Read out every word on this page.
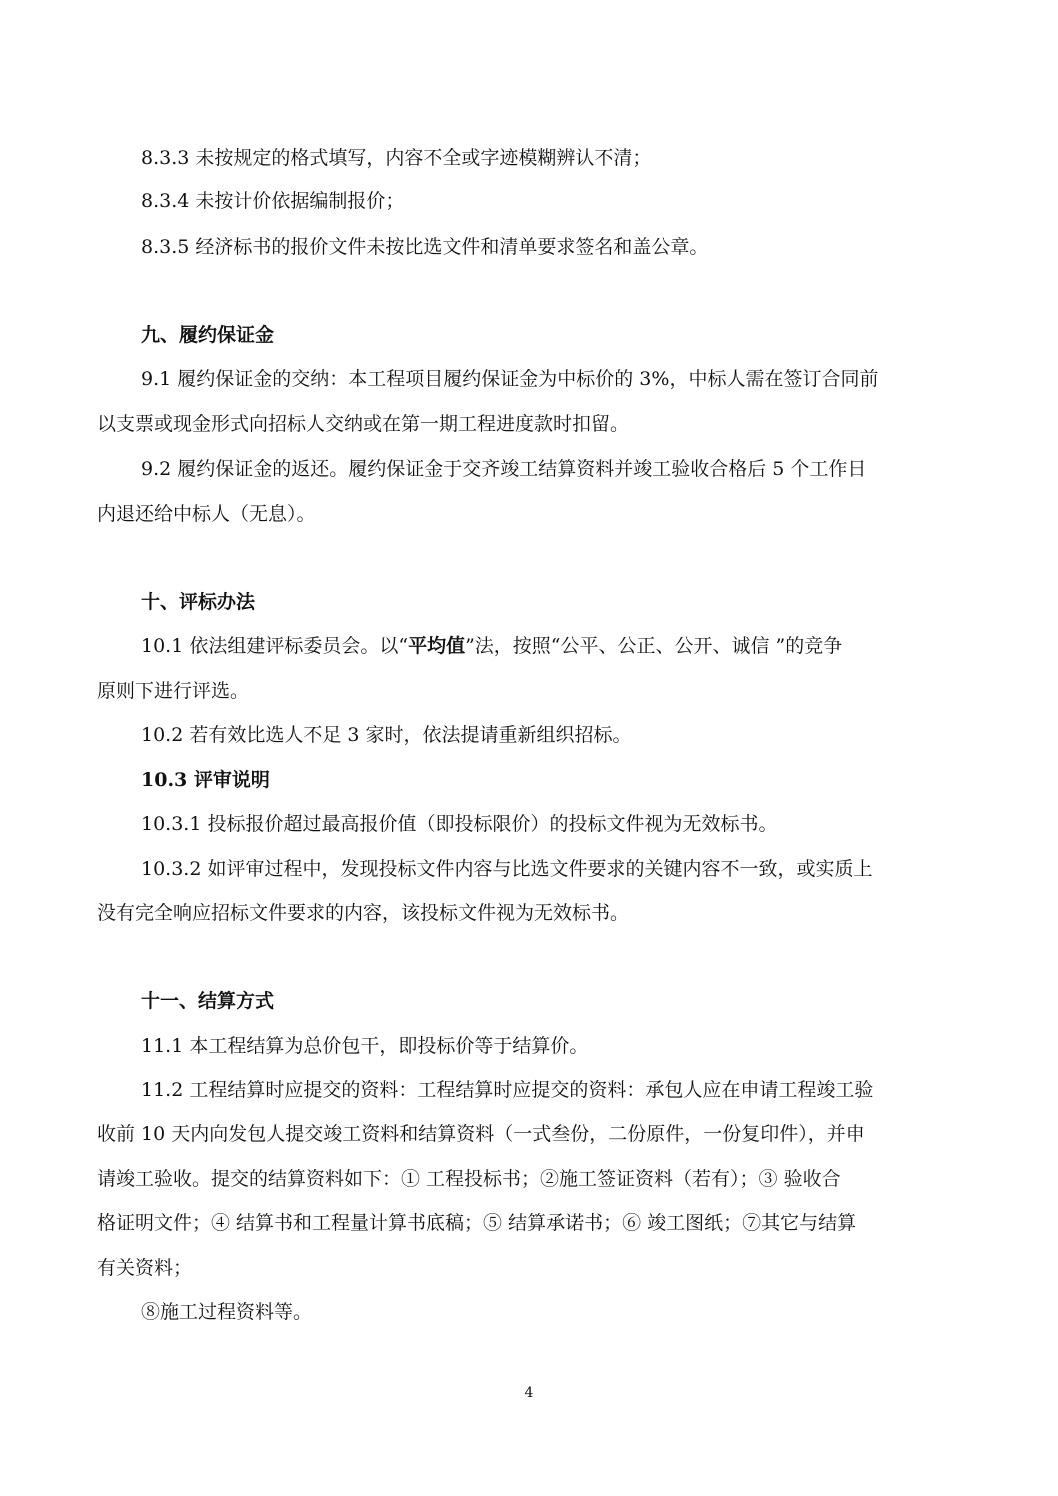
8.3.3 未按规定的格式填写，内容不全或字迹模糊辨认不清；
8.3.4 未按计价依据编制报价；
8.3.5 经济标书的报价文件未按比选文件和清单要求签名和盖公章。
九、履约保证金
9.1 履约保证金的交纳：本工程项目履约保证金为中标价的 3%，中标人需在签订合同前
以支票或现金形式向招标人交纳或在第一期工程进度款时扣留。
9.2 履约保证金的返还。履约保证金于交齐竣工结算资料并竣工验收合格后 5 个工作日
内退还给中标人（无息）。
十、评标办法
10.1 依法组建评标委员会。以“平均值”法，按照“公平、公正、公开、诚信 ”的竞争
原则下进行评选。
10.2 若有效比选人不足 3 家时，依法提请重新组织招标。
10.3 评审说明
10.3.1 投标报价超过最高报价值（即投标限价）的投标文件视为无效标书。
10.3.2 如评审过程中，发现投标文件内容与比选文件要求的关键内容不一致，或实质上
没有完全响应招标文件要求的内容，该投标文件视为无效标书。
十一、结算方式
11.1 本工程结算为总价包干，即投标价等于结算价。
11.2 工程结算时应提交的资料：工程结算时应提交的资料：承包人应在申请工程竣工验
收前 10 天内向发包人提交竣工资料和结算资料（一式叁份，二份原件，一份复印件），并申
请竣工验收。提交的结算资料如下：① 工程投标书；②施工签证资料（若有）；③ 验收合
格证明文件；④ 结算书和工程量计算书底稿；⑤ 结算承诺书；⑥ 竣工图纸；⑦其它与结算
有关资料；
⑧施工过程资料等。
4
